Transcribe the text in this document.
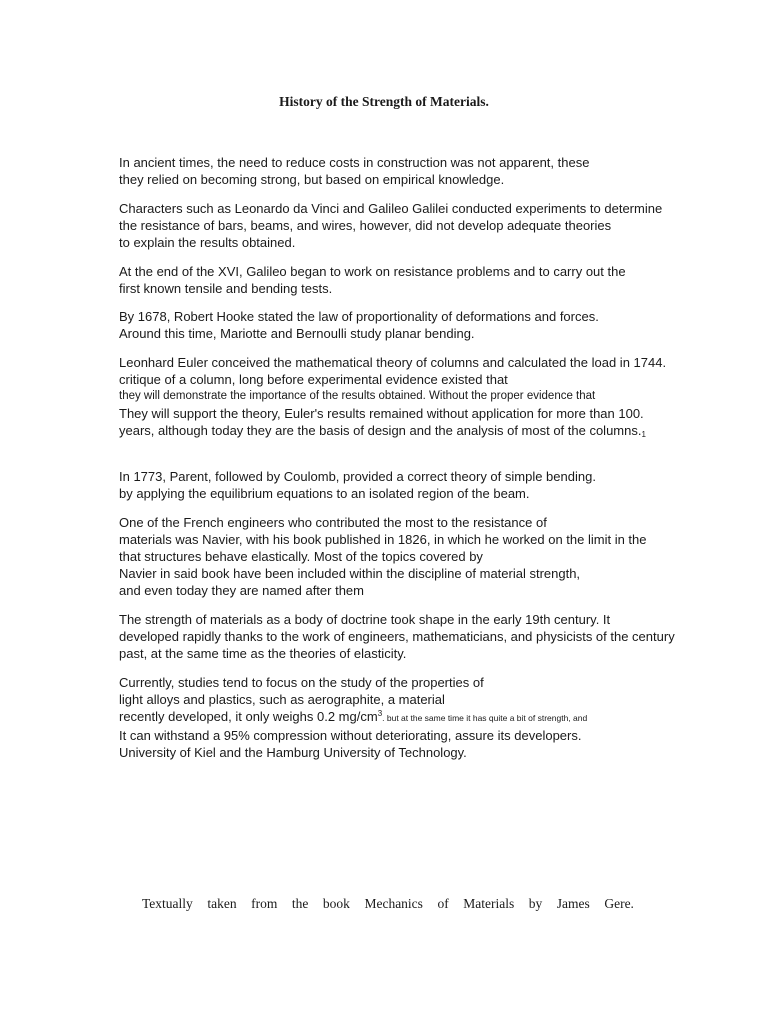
History of the Strength of Materials.

In ancient times, the need to reduce costs in construction was not apparent, these
they relied on becoming strong, but based on empirical knowledge.

Characters such as Leonardo da Vinci and Galileo Galilei conducted experiments to determine
the resistance of bars, beams, and wires, however, did not develop adequate theories
to explain the results obtained.

At the end of the XVI, Galileo began to work on resistance problems and to carry out the
first known tensile and bending tests.

By 1678, Robert Hooke stated the law of proportionality of deformations and forces.
Around this time, Mariotte and Bernoulli study planar bending.

Leonhard Euler conceived the mathematical theory of columns and calculated the load in 1744.
critique of a column, long before experimental evidence existed that
they will demonstrate the importance of the results obtained. Without the proper evidence that
They will support the theory, Euler's results remained without application for more than 100.
years, although today they are the basis of design and the analysis of most of the $columns._1$

In 1773, Parent, followed by Coulomb, provided a correct theory of simple bending.
by applying the equilibrium equations to an isolated region of the beam.

One of the French engineers who contributed the most to the resistance of
materials was Navier, with his book published in 1826, in which he worked on the limit in the
that structures behave elastically. Most of the topics covered by
Navier in said book have been included within the discipline of material strength,
and even today they are named after them

The strength of materials as a body of doctrine took shape in the early 19th century. It
developed rapidly thanks to the work of engineers, mathematicians, and physicists of the century
past, at the same time as the theories of elasticity.

Currently, studies tend to focus on the study of the properties of
light alloys and plastics, such as aerographite, a material
recently developed, it only weighs 0.2 $mg/cm^3$. but at the same time it has quite a bit of strength, and
It can withstand a 95% compression without deteriorating, assure its developers.
University of Kiel and the Hamburg University of Technology.

Textually taken from the book Mechanics of Materials by James Gere.
